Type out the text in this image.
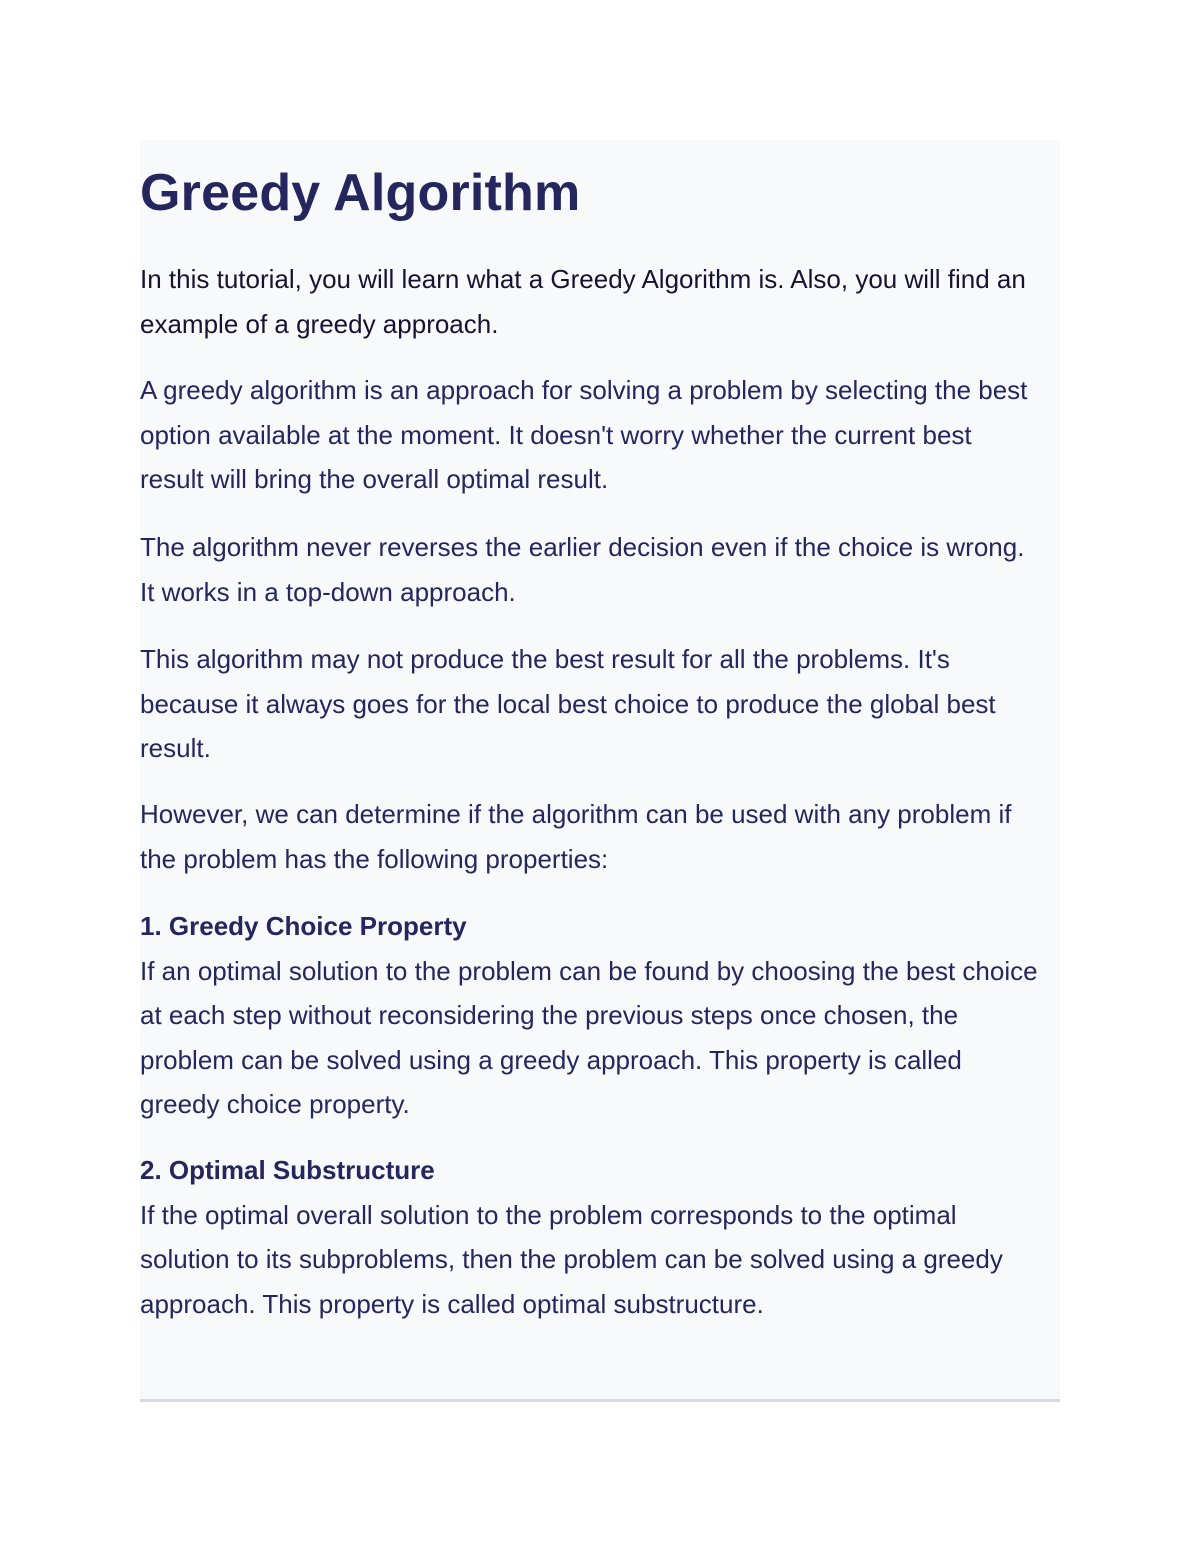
Greedy Algorithm

In this tutorial, you will learn what a Greedy Algorithm is. Also, you will find an
example of a greedy approach.

A greedy algorithm is an approach for solving a problem by selecting the best
option available at the moment. It doesn't worry whether the current best
result will bring the overall optimal result.

The algorithm never reverses the earlier decision even if the choice is wrong.
It works in a top-down approach.

This algorithm may not produce the best result for all the problems. It's
because it always goes for the local best choice to produce the global best
result.

However, we can determine if the algorithm can be used with any problem if
the problem has the following properties:

1. Greedy Choice Property
If an optimal solution to the problem can be found by choosing the best choice
at each step without reconsidering the previous steps once chosen, the
problem can be solved using a greedy approach. This property is called
greedy choice property.
2. Optimal Substructure
If the optimal overall solution to the problem corresponds to the optimal
solution to its subproblems, then the problem can be solved using a greedy
approach. This property is called optimal substructure.
